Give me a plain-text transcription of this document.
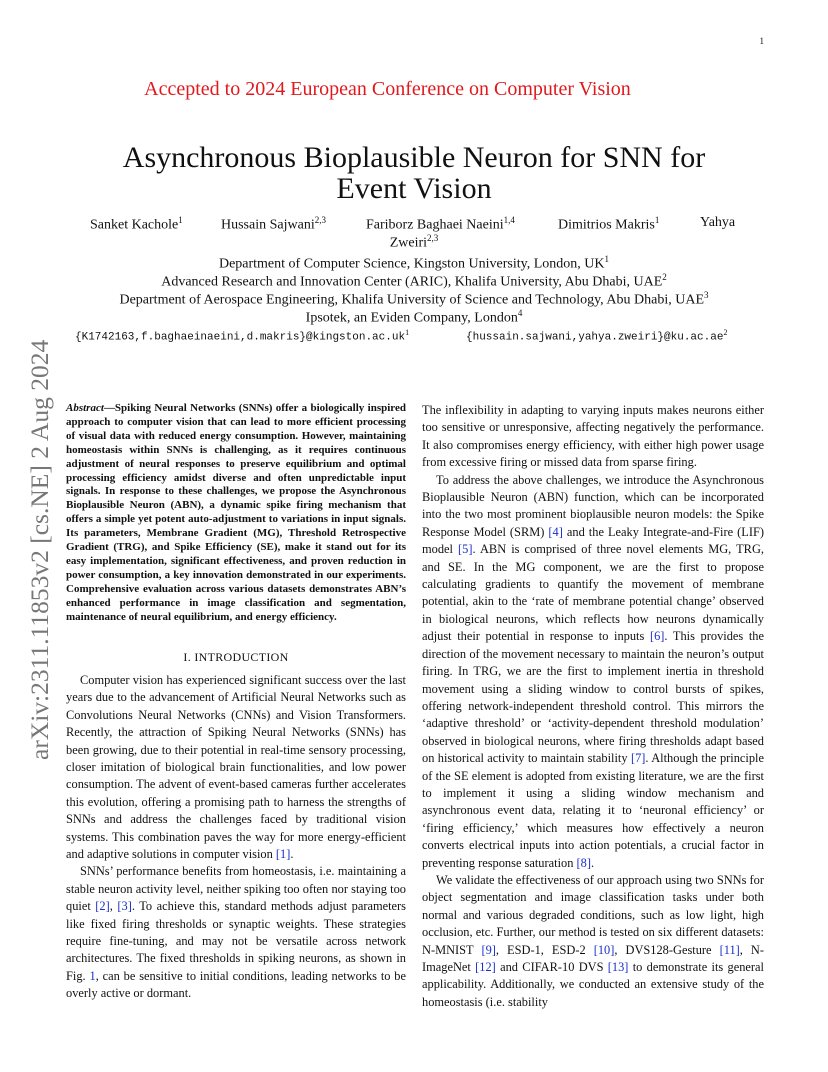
1
Accepted to 2024 European Conference on Computer Vision
arXiv:2311.11853v2 [cs.NE] 2 Aug 2024
Asynchronous Bioplausible Neuron for SNN for
Event Vision
Sanket Kachole$^1$	Hussain Sajwani$^{2,3}$	Fariborz Baghaei Naeini$^{1,4}$	Dimitrios Makris$^1$	Yahya
Zweiri$^{2,3}$
Department of Computer Science, Kingston University, London, $UK^1$
Advanced Research and Innovation Center (ARIC), Khalifa University, Abu Dhabi, UAE$^2$
Department of Aerospace Engineering, Khalifa University of Science and Technology, Abu Dhabi, UAE$^3$
Ipsotek, an Eviden Company, London$^4$
$\{K1742163,f.baghaeinaeini,d.makris\}@kingston.ac.uk^1$	$\{hussain.sajwani,yahya.zweiri\}@ku.ac.ae^2$

Abstract—Spiking Neural Networks (SNNs) offer a biologically inspired approach to computer vision that can lead to more efficient processing of visual data with reduced energy consumption. However, maintaining homeostasis within SNNs is challenging, as it requires continuous adjustment of neural responses to preserve equilibrium and optimal processing efficiency amidst diverse and often unpredictable input signals. In response to these challenges, we propose the Asynchronous Bioplausible Neuron (ABN), a dynamic spike firing mechanism that offers a simple yet potent auto-adjustment to variations in input signals. Its parameters, Membrane Gradient (MG), Threshold Retrospective Gradient (TRG), and Spike Efficiency (SE), make it stand out for its easy implementation, significant effectiveness, and proven reduction in power consumption, a key innovation demonstrated in our experiments. Comprehensive evaluation across various datasets demonstrates ABN’s enhanced performance in image classification and segmentation, maintenance of neural equilibrium, and energy efficiency.

I. INTRODUCTION

Computer vision has experienced significant success over the last years due to the advancement of Artificial Neural Networks such as Convolutions Neural Networks (CNNs) and Vision Transformers. Recently, the attraction of Spiking Neural Networks (SNNs) has been growing, due to their potential in real-time sensory processing, closer imitation of biological brain functionalities, and low power consumption. The advent of event-based cameras further accelerates this evolution, offering a promising path to harness the strengths of SNNs and address the challenges faced by traditional vision systems. This combination paves the way for more energy-efficient and adaptive solutions in computer vision [1].

SNNs’ performance benefits from homeostasis, i.e. maintaining a stable neuron activity level, neither spiking too often nor staying too quiet [2], [3]. To achieve this, standard methods adjust parameters like fixed firing thresholds or synaptic weights. These strategies require fine-tuning, and may not be versatile across network architectures. The fixed thresholds in spiking neurons, as shown in Fig. 1, can be sensitive to initial conditions, leading networks to be overly active or dormant.

The inflexibility in adapting to varying inputs makes neurons either too sensitive or unresponsive, affecting negatively the performance. It also compromises energy efficiency, with either high power usage from excessive firing or missed data from sparse firing.

To address the above challenges, we introduce the Asynchronous Bioplausible Neuron (ABN) function, which can be incorporated into the two most prominent bioplausible neuron models: the Spike Response Model (SRM) [4] and the Leaky Integrate-and-Fire (LIF) model [5]. ABN is comprised of three novel elements MG, TRG, and SE. In the MG component, we are the first to propose calculating gradients to quantify the movement of membrane potential, akin to the ‘rate of membrane potential change’ observed in biological neurons, which reflects how neurons dynamically adjust their potential in response to inputs [6]. This provides the direction of the movement necessary to maintain the neuron’s output firing. In TRG, we are the first to implement inertia in threshold movement using a sliding window to control bursts of spikes, offering network-independent threshold control. This mirrors the ‘adaptive threshold’ or ‘activity-dependent threshold modulation’ observed in biological neurons, where firing thresholds adapt based on historical activity to maintain stability [7]. Although the principle of the SE element is adopted from existing literature, we are the first to implement it using a sliding window mechanism and asynchronous event data, relating it to ‘neuronal efficiency’ or ‘firing efficiency,’ which measures how effectively a neuron converts electrical inputs into action potentials, a crucial factor in preventing response saturation [8].

We validate the effectiveness of our approach using two SNNs for object segmentation and image classification tasks under both normal and various degraded conditions, such as low light, high occlusion, etc. Further, our method is tested on six different datasets: N-MNIST [9], ESD-1, ESD-2 [10], DVS128-Gesture [11], N-ImageNet [12] and CIFAR-10 DVS [13] to demonstrate its general applicability. Additionally, we conducted an extensive study of the homeostasis (i.e. stability
